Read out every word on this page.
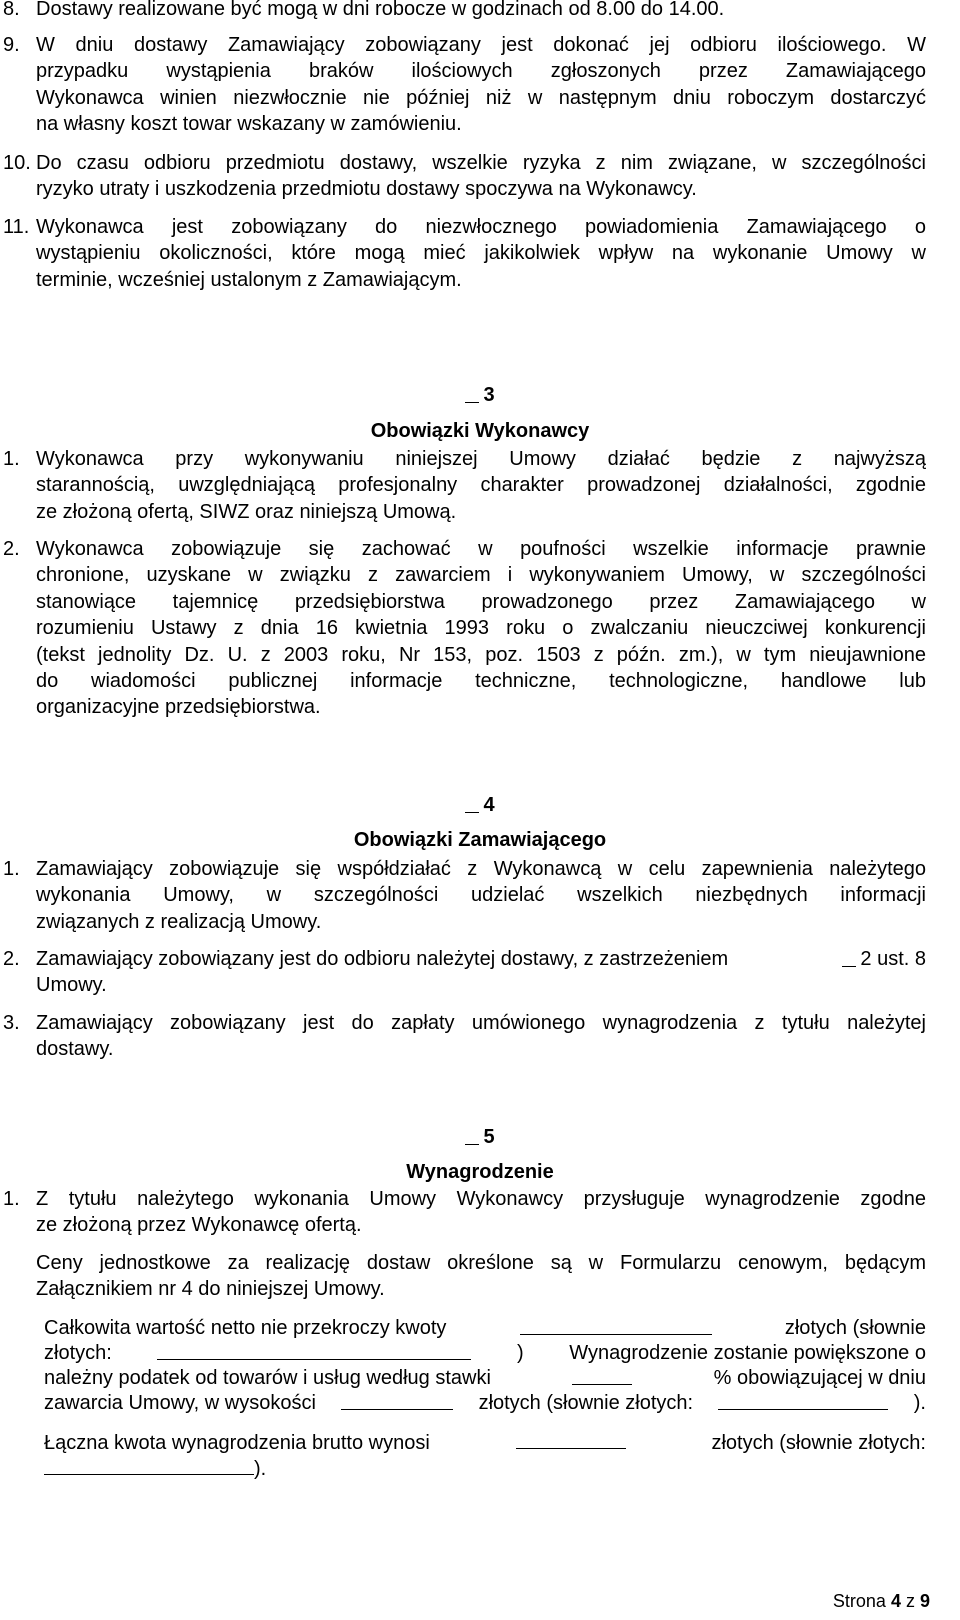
8. Dostawy realizowane być mogą w dni robocze w godzinach od 8.00 do 14.00.
9. W dniu dostawy Zamawiający zobowiązany jest dokonać jej odbioru ilościowego. W
przypadku wystąpienia braków ilościowych zgłoszonych przez Zamawiającego
Wykonawca winien niezwłocznie nie później niż w następnym dniu roboczym dostarczyć
na własny koszt towar wskazany w zamówieniu.
10. Do czasu odbioru przedmiotu dostawy, wszelkie ryzyka z nim związane, w szczególności
ryzyko utraty i uszkodzenia przedmiotu dostawy spoczywa na Wykonawcy.
11. Wykonawca jest zobowiązany do niezwłocznego powiadomienia Zamawiającego o
wystąpieniu okoliczności, które mogą mieć jakikolwiek wpływ na wykonanie Umowy w
terminie, wcześniej ustalonym z Zamawiającym.
3
Obowiązki Wykonawcy
1. Wykonawca przy wykonywaniu niniejszej Umowy działać będzie z najwyższą
starannością, uwzględniającą profesjonalny charakter prowadzonej działalności, zgodnie
ze złożoną ofertą, SIWZ oraz niniejszą Umową.
2. Wykonawca zobowiązuje się zachować w poufności wszelkie informacje prawnie
chronione, uzyskane w związku z zawarciem i wykonywaniem Umowy, w szczególności
stanowiące tajemnicę przedsiębiorstwa prowadzonego przez Zamawiającego w
rozumieniu Ustawy z dnia 16 kwietnia 1993 roku o zwalczaniu nieuczciwej konkurencji
(tekst jednolity Dz. U. z 2003 roku, Nr 153, poz. 1503 z późn. zm.), w tym nieujawnione
do wiadomości publicznej informacje techniczne, technologiczne, handlowe lub
organizacyjne przedsiębiorstwa.
4
Obowiązki Zamawiającego
1. Zamawiający zobowiązuje się współdziałać z Wykonawcą w celu zapewnienia należytego
wykonania Umowy, w szczególności udzielać wszelkich niezbędnych informacji
związanych z realizacją Umowy.
2. Zamawiający zobowiązany jest do odbioru należytej dostawy, z zastrzeżeniem	2 ust. 8
Umowy.
3. Zamawiający zobowiązany jest do zapłaty umówionego wynagrodzenia z tytułu należytej
dostawy.
5
Wynagrodzenie
1. Z tytułu należytego wykonania Umowy Wykonawcy przysługuje wynagrodzenie zgodne
ze złożoną przez Wykonawcę ofertą.
Ceny jednostkowe za realizację dostaw określone są w Formularzu cenowym, będącym
Załącznikiem nr 4 do niniejszej Umowy.
Całkowita wartość netto nie przekroczy kwoty	złotych (słownie
złotych:	) Wynagrodzenie zostanie powiększone o
należny podatek od towarów i usług według stawki	% obowiązującej w dniu
zawarcia Umowy, w wysokości	złotych (słownie złotych:	).
Łączna kwota wynagrodzenia brutto wynosi	złotych (słownie złotych:
).
Strona 4 z 9
